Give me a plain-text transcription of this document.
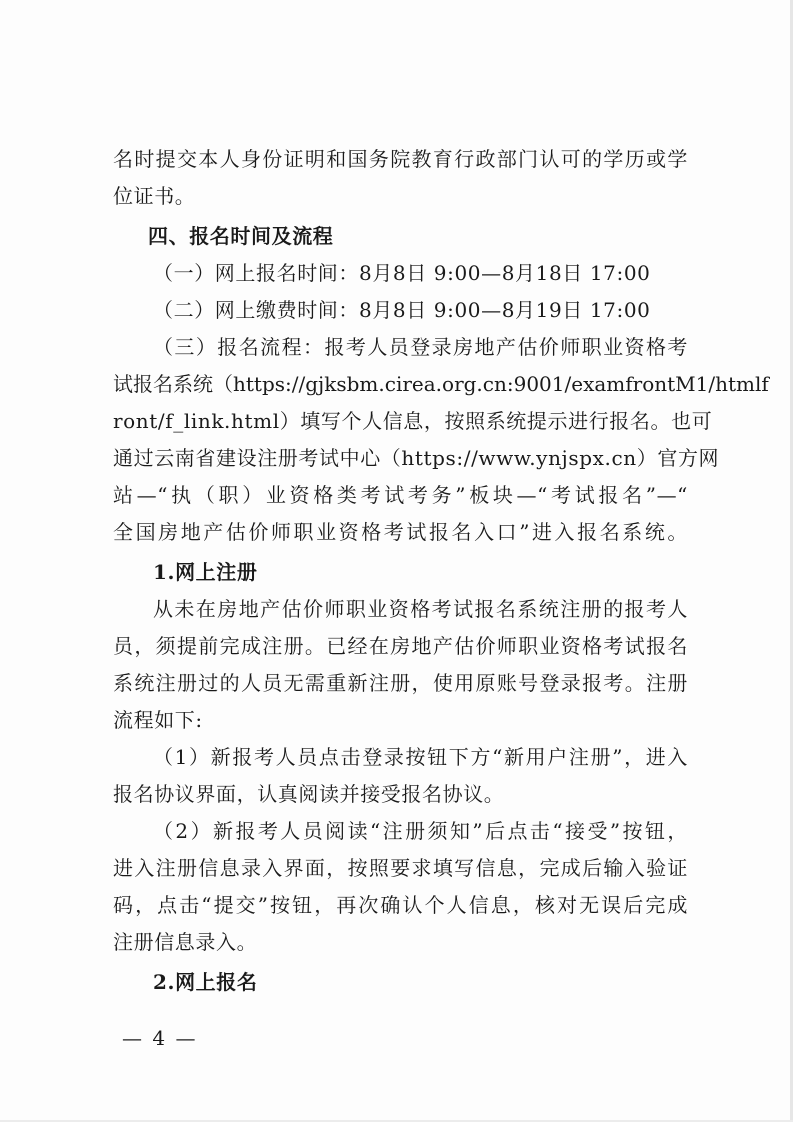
名时提交本人身份证明和国务院教育行政部门认可的学历或学
位证书。
四、报名时间及流程
（一）网上报名时间：8月8日 9:00—8月18日 17:00
（二）网上缴费时间：8月8日 9:00—8月19日 17:00
（三）报名流程：报考人员登录房地产估价师职业资格考
试报名系统（https://gjksbm.cirea.org.cn:9001/examfrontM1/htmlf
ront/f_link.html）填写个人信息，按照系统提示进行报名。也可
通过云南省建设注册考试中心（https://www.ynjspx.cn）官方网
站—“执（职）业资格类考试考务”板块—“考试报名”—“
全国房地产估价师职业资格考试报名入口”进入报名系统。
1.网上注册
从未在房地产估价师职业资格考试报名系统注册的报考人
员，须提前完成注册。已经在房地产估价师职业资格考试报名
系统注册过的人员无需重新注册，使用原账号登录报考。注册
流程如下:
（1）新报考人员点击登录按钮下方“新用户注册”，进入
报名协议界面，认真阅读并接受报名协议。
（2）新报考人员阅读“注册须知”后点击“接受”按钮，
进入注册信息录入界面，按照要求填写信息，完成后输入验证
码，点击“提交”按钮，再次确认个人信息，核对无误后完成
注册信息录入。
2.网上报名
— 4 —
